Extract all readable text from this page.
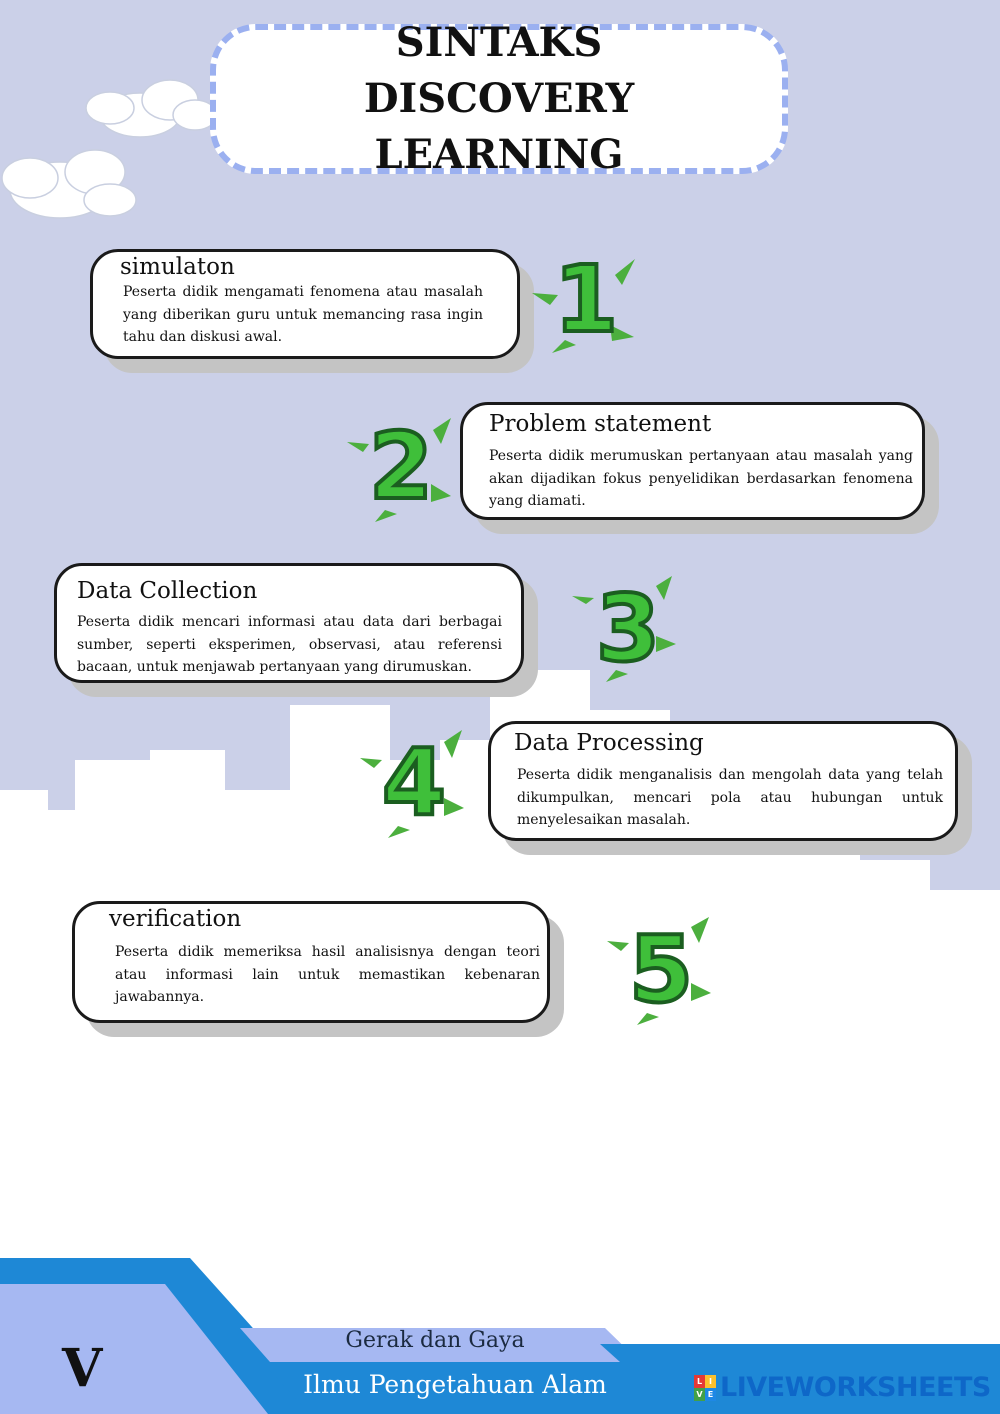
SINTAKS DISCOVERY LEARNING
simulaton
Peserta didik mengamati fenomena atau masalah yang diberikan guru untuk memancing rasa ingin tahu dan diskusi awal.	1
Problem statement
Peserta didik merumuskan pertanyaan atau masalah yang akan dijadikan fokus penyelidikan berdasarkan fenomena yang diamati.
2
Data Collection
Peserta didik mencari informasi atau data dari berbagai sumber, seperti eksperimen, observasi, atau referensi bacaan, untuk menjawab pertanyaan yang dirumuskan.	3
Data Processing
Peserta didik menganalisis dan mengolah data yang telah dikumpulkan, mencari pola atau hubungan untuk menyelesaikan masalah.
4
verification
Peserta didik memeriksa hasil analisisnya dengan teori atau informasi lain untuk memastikan kebenaran jawabannya.	5
V	Gerak dan Gaya
Ilmu Pengetahuan Alam	L I
V E LIVEWORKSHEETS
